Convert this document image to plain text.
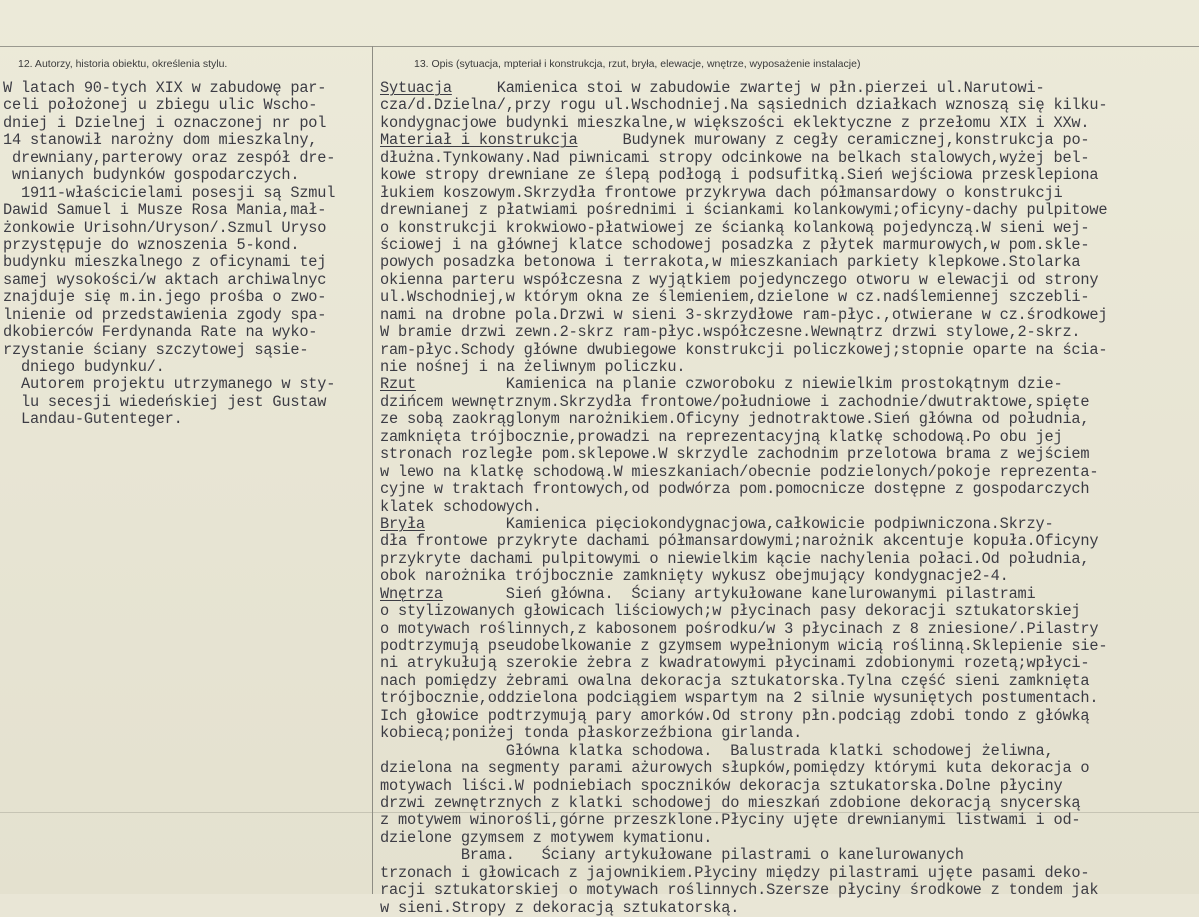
12. Autorzy, historia obiektu, określenia stylu.	13. Opis (sytuacja, mpteriał i konstrukcja, rzut, bryła, elewacje, wnętrze, wyposażenie instalacje)
W latach 90-tych XIX w zabudowę par-
celi położonej u zbiegu ulic Wscho-
dniej i Dzielnej i oznaczonej nr pol
14 stanowił narożny dom mieszkalny,
drewniany,parterowy oraz zespół dre-
wnianych budynków gospodarczych.
1911-właścicielami posesji są Szmul
Dawid Samuel i Musze Rosa Mania,mał-
żonkowie Urisohn/Uryson/.Szmul Uryso
przystępuje do wznoszenia 5-kond.
budynku mieszkalnego z oficynami tej
samej wysokości/w aktach archiwalnyc
znajduje się m.in.jego prośba o zwo-
lnienie od przedstawienia zgody spa-
dkobierców Ferdynanda Rate na wyko-
rzystanie ściany szczytowej sąsie-
dniego budynku/.
Autorem projektu utrzymanego w sty-
lu secesji wiedeńskiej jest Gustaw
Landau-Gutenteger.
Sytuacja     Kamienica stoi w zabudowie zwartej w płn.pierzei ul.Narutowi-
cza/d.Dzielna/,przy rogu ul.Wschodniej.Na sąsiednich działkach wznoszą się kilku-
kondygnacjowe budynki mieszkalne,w większości eklektyczne z przełomu XIX i XXw.
Materiał i konstrukcja     Budynek murowany z cegły ceramicznej,konstrukcja po-
dłużna.Tynkowany.Nad piwnicami stropy odcinkowe na belkach stalowych,wyżej bel-
kowe stropy drewniane ze ślepą podłogą i podsufitką.Sień wejściowa przesklepiona
łukiem koszowym.Skrzydła frontowe przykrywa dach półmansardowy o konstrukcji
drewnianej z płatwiami pośrednimi i ściankami kolankowymi;oficyny-dachy pulpitowe
o konstrukcji krokwiowo-płatwiowej ze ścianką kolankową pojedynczą.W sieni wej-
ściowej i na głównej klatce schodowej posadzka z płytek marmurowych,w pom.skle-
powych posadzka betonowa i terrakota,w mieszkaniach parkiety klepkowe.Stolarka
okienna parteru współczesna z wyjątkiem pojedynczego otworu w elewacji od strony
ul.Wschodniej,w którym okna ze ślemieniem,dzielone w cz.nadślemiennej szczebli-
nami na drobne pola.Drzwi w sieni 3-skrzydłowe ram-płyc.,otwierane w cz.środkowej
W bramie drzwi zewn.2-skrz ram-płyc.współczesne.Wewnątrz drzwi stylowe,2-skrz.
ram-płyc.Schody główne dwubiegowe konstrukcji policzkowej;stopnie oparte na ścia-
nie nośnej i na żeliwnym policzku.
Rzut          Kamienica na planie czworoboku z niewielkim prostokątnym dzie-
dzińcem wewnętrznym.Skrzydła frontowe/południowe i zachodnie/dwutraktowe,spięte
ze sobą zaokrąglonym narożnikiem.Oficyny jednotraktowe.Sień główna od południa,
zamknięta trójbocznie,prowadzi na reprezentacyjną klatkę schodową.Po obu jej
stronach rozległe pom.sklepowe.W skrzydle zachodnim przelotowa brama z wejściem
w lewo na klatkę schodową.W mieszkaniach/obecnie podzielonych/pokoje reprezenta-
cyjne w traktach frontowych,od podwórza pom.pomocnicze dostępne z gospodarczych
klatek schodowych.
Bryła         Kamienica pięciokondygnacjowa,całkowicie podpiwniczona.Skrzy-
dła frontowe przykryte dachami półmansardowymi;narożnik akcentuje kopuła.Oficyny
przykryte dachami pulpitowymi o niewielkim kącie nachylenia połaci.Od południa,
obok narożnika trójbocznie zamknięty wykusz obejmujący kondygnacje2-4.
Wnętrza       Sień główna.  Ściany artykułowane kanelurowanymi pilastrami
o stylizowanych głowicach liściowych;w płycinach pasy dekoracji sztukatorskiej
o motywach roślinnych,z kabosonem pośrodku/w 3 płycinach z 8 zniesione/.Pilastry
podtrzymują pseudobelkowanie z gzymsem wypełnionym wicią roślinną.Sklepienie sie-
ni atrykułują szerokie żebra z kwadratowymi płycinami zdobionymi rozetą;wpłyci-
nach pomiędzy żebrami owalna dekoracja sztukatorska.Tylna część sieni zamknięta
trójbocznie,oddzielona podciągiem wspartym na 2 silnie wysuniętych postumentach.
Ich głowice podtrzymują pary amorków.Od strony płn.podciąg zdobi tondo z główką
kobiecą;poniżej tonda płaskorzeźbiona girlanda.
Główna klatka schodowa.  Balustrada klatki schodowej żeliwna,
dzielona na segmenty parami ażurowych słupków,pomiędzy którymi kuta dekoracja o
motywach liści.W podniebiach spoczników dekoracja sztukatorska.Dolne płyciny
drzwi zewnętrznych z klatki schodowej do mieszkań zdobione dekoracją snycerską
z motywem winorośli,górne przeszklone.Płyciny ujęte drewnianymi listwami i od-
dzielone gzymsem z motywem kymationu.
Brama.   Ściany artykułowane pilastrami o kanelurowanych
trzonach i głowicach z jajownikiem.Płyciny między pilastrami ujęte pasami deko-
racji sztukatorskiej o motywach roślinnych.Szersze płyciny środkowe z tondem jak
w sieni.Stropy z dekoracją sztukatorską.
